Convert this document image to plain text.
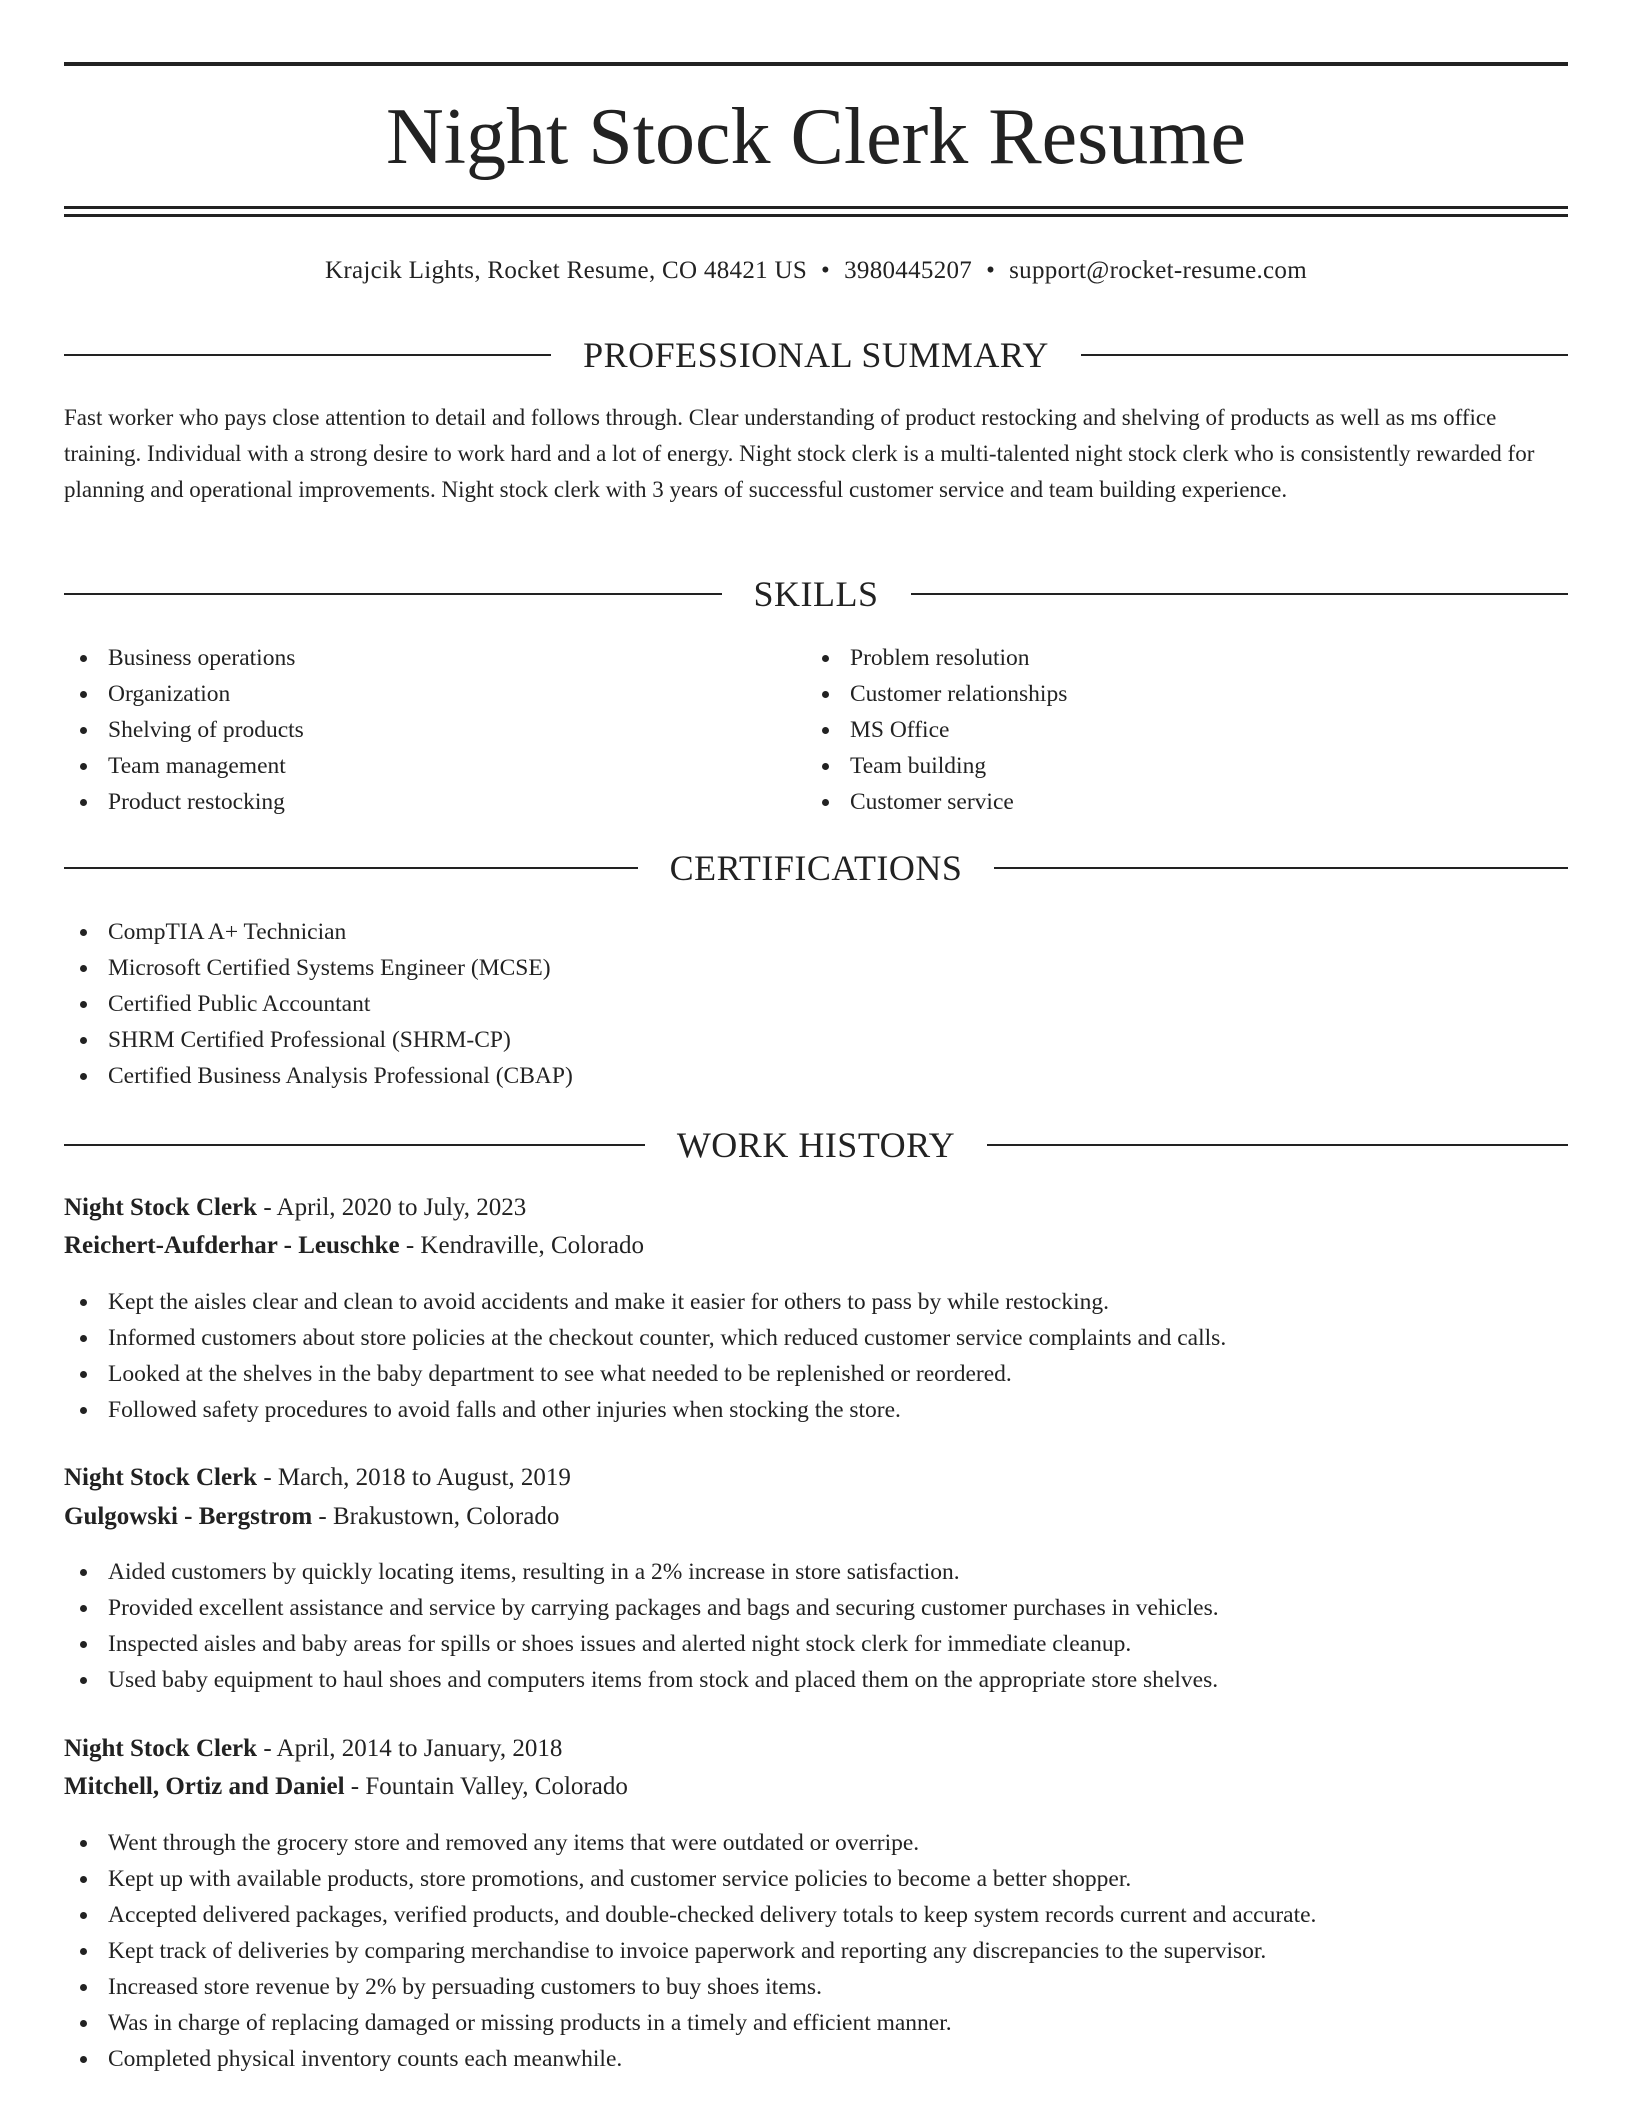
Night Stock Clerk Resume
Krajcik Lights, Rocket Resume, CO 48421 US • 3980445207 • support@rocket-resume.com
PROFESSIONAL SUMMARY

Fast worker who pays close attention to detail and follows through. Clear understanding of product restocking and shelving of products as well as ms office training. Individual with a strong desire to work hard and a lot of energy. Night stock clerk is a multi-talented night stock clerk who is consistently rewarded for planning and operational improvements. Night stock clerk with 3 years of successful customer service and team building experience.

SKILLS
Business operations
Organization
Shelving of products
Team management
Product restocking
Problem resolution
Customer relationships
MS Office
Team building
Customer service
CERTIFICATIONS
CompTIA A+ Technician
Microsoft Certified Systems Engineer (MCSE)
Certified Public Accountant
SHRM Certified Professional (SHRM-CP)
Certified Business Analysis Professional (CBAP)
WORK HISTORY
Night Stock Clerk - April, 2020 to July, 2023
Reichert-Aufderhar - Leuschke - Kendraville, Colorado
Kept the aisles clear and clean to avoid accidents and make it easier for others to pass by while restocking.
Informed customers about store policies at the checkout counter, which reduced customer service complaints and calls.
Looked at the shelves in the baby department to see what needed to be replenished or reordered.
Followed safety procedures to avoid falls and other injuries when stocking the store.
Night Stock Clerk - March, 2018 to August, 2019
Gulgowski - Bergstrom - Brakustown, Colorado
Aided customers by quickly locating items, resulting in a 2% increase in store satisfaction.
Provided excellent assistance and service by carrying packages and bags and securing customer purchases in vehicles.
Inspected aisles and baby areas for spills or shoes issues and alerted night stock clerk for immediate cleanup.
Used baby equipment to haul shoes and computers items from stock and placed them on the appropriate store shelves.
Night Stock Clerk - April, 2014 to January, 2018
Mitchell, Ortiz and Daniel - Fountain Valley, Colorado
Went through the grocery store and removed any items that were outdated or overripe.
Kept up with available products, store promotions, and customer service policies to become a better shopper.
Accepted delivered packages, verified products, and double-checked delivery totals to keep system records current and accurate.
Kept track of deliveries by comparing merchandise to invoice paperwork and reporting any discrepancies to the supervisor.
Increased store revenue by 2% by persuading customers to buy shoes items.
Was in charge of replacing damaged or missing products in a timely and efficient manner.
Completed physical inventory counts each meanwhile.
